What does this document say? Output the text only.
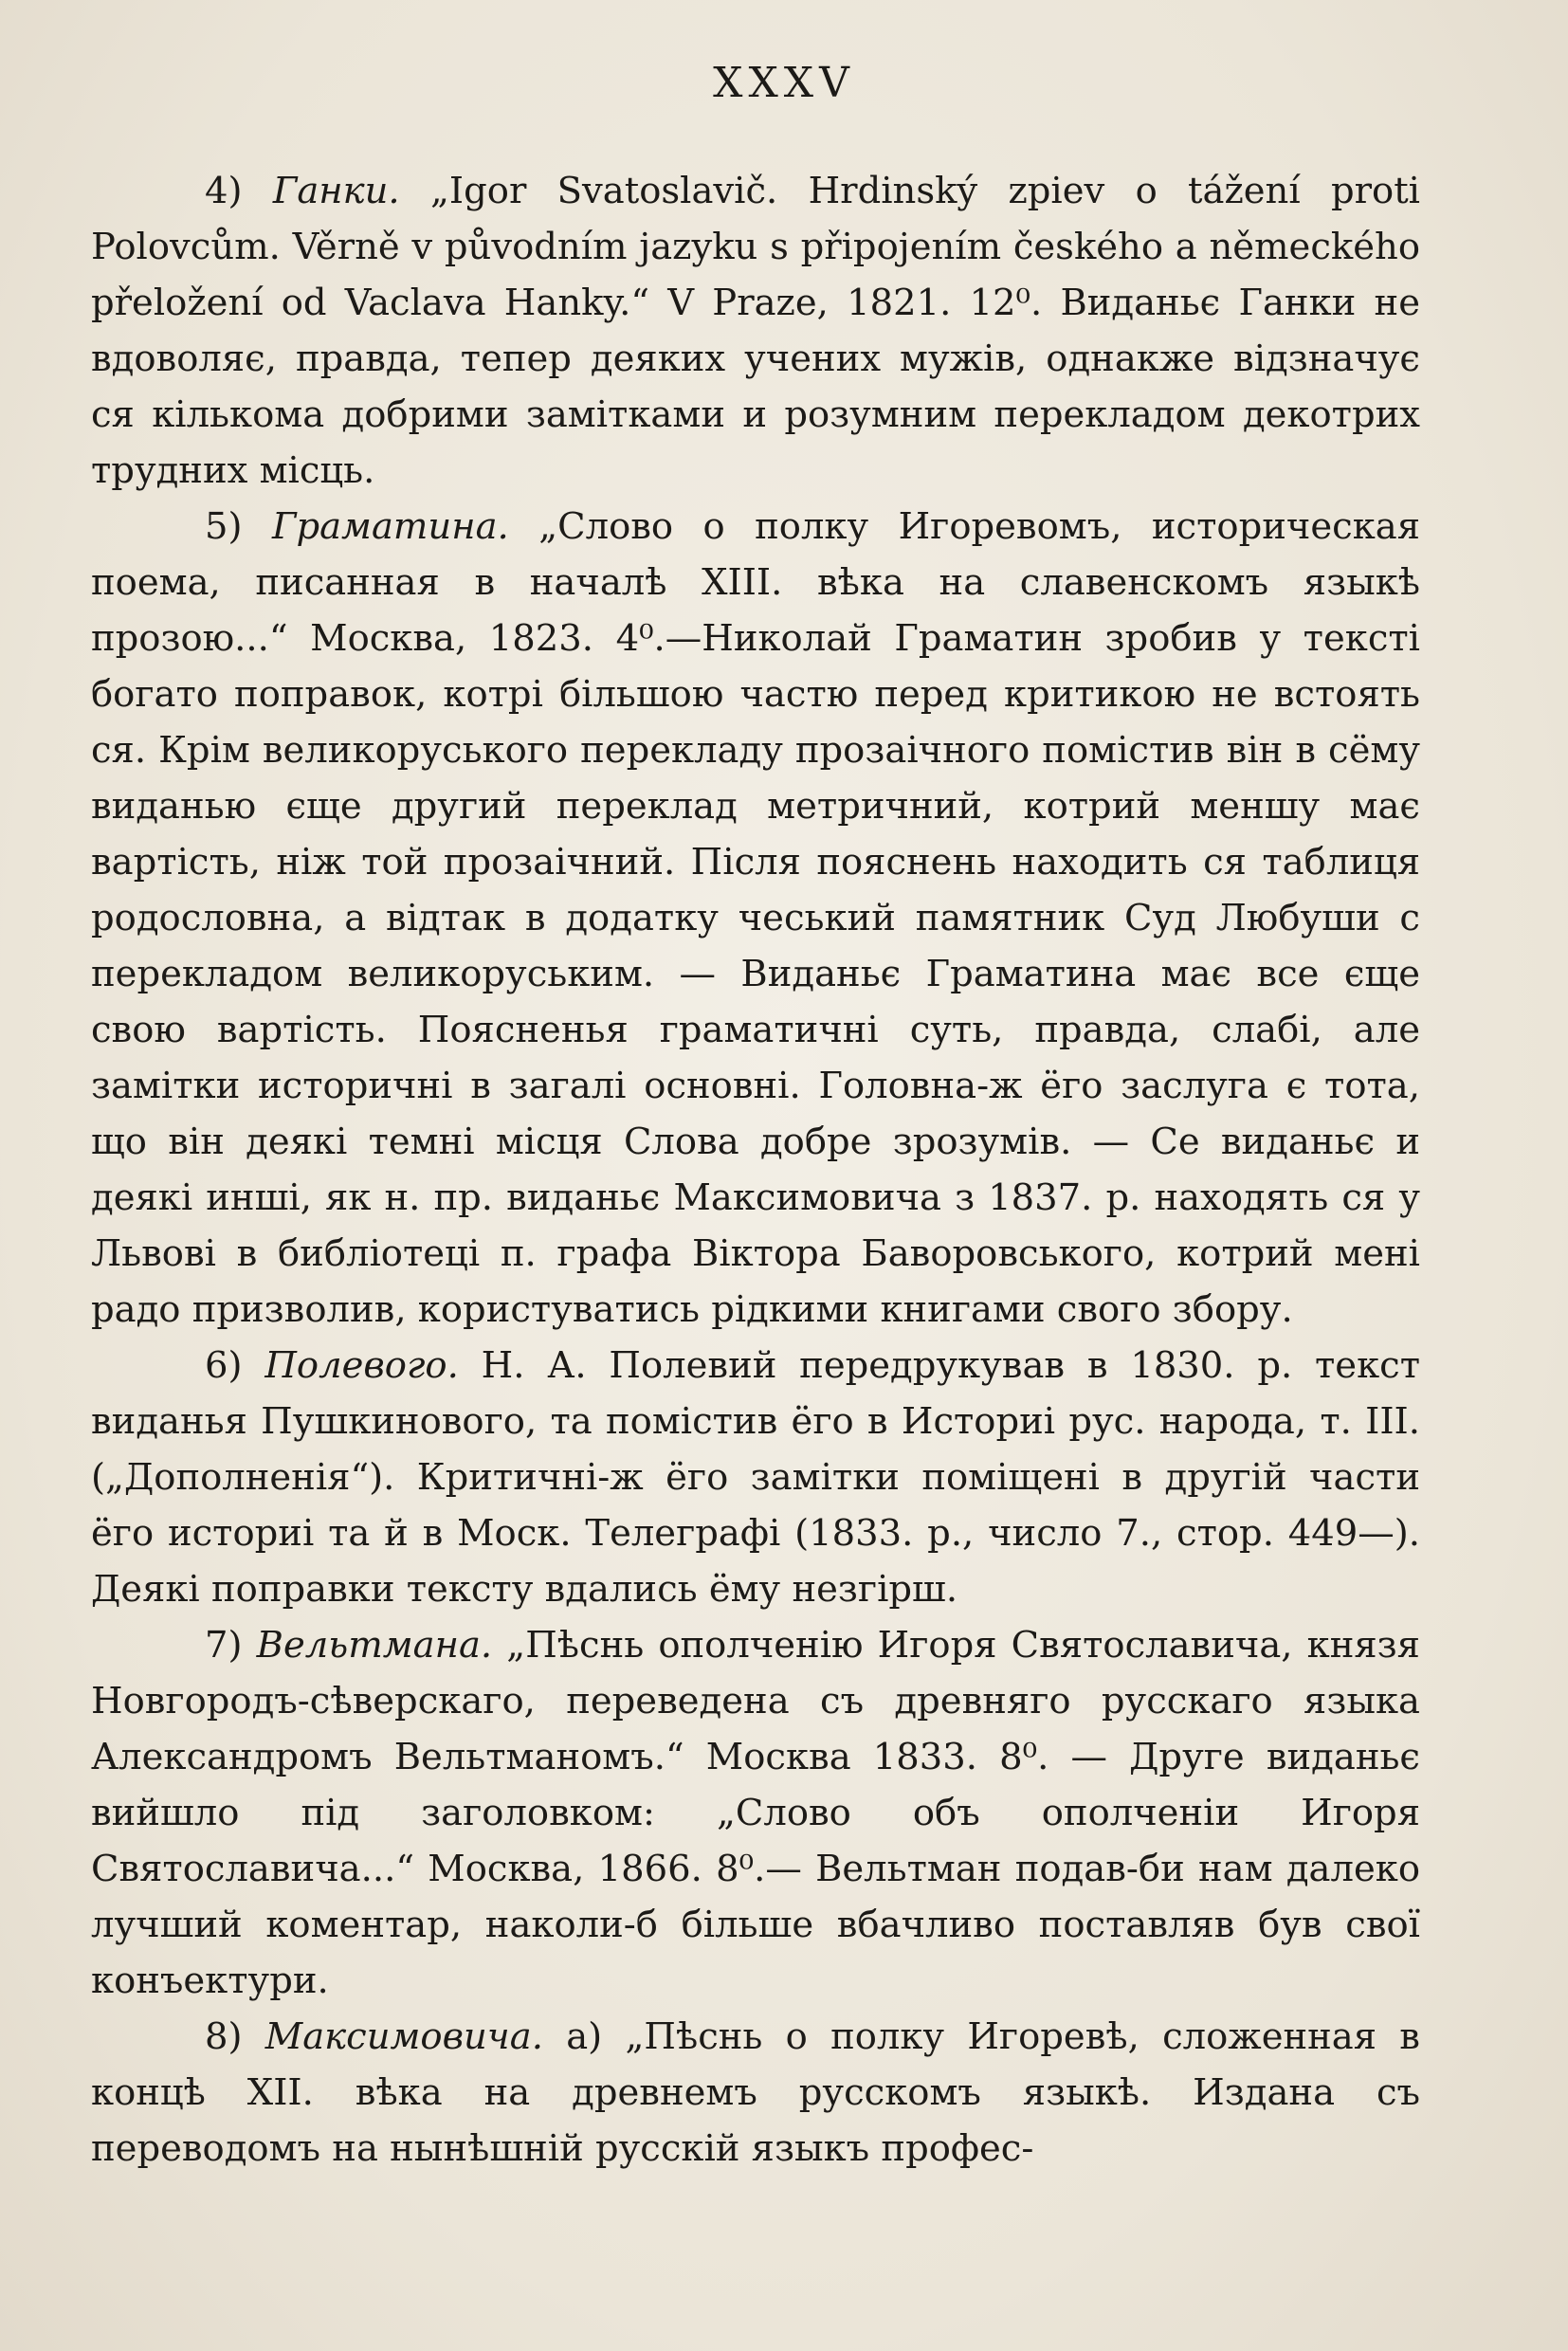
XXXV

4) Ганки. „Igor Svatoslavič. Hrdinský zpiev o tážení proti Polovcům. Věrně v původním jazyku s připojením českého a německého přeložení od Vaclava Hanky.“ V Praze, 1821. 12⁰. Виданьє Ганки не вдоволяє, правда, тепер деяких учених мужів, однакже відзначує ся кількома добрими замітками и розумним перекладом декотрих трудних місць.

5) Граматина. „Слово о полку Игоревомъ, историческая поема, писанная в началѣ XIII. вѣка на славенскомъ языкѣ прозою...“ Москва, 1823. 4⁰.—Николай Граматин зробив у тексті богато поправок, котрі більшою частю перед критикою не встоять ся. Крім великоруського перекладу прозаічного помістив він в сёму виданью єще другий переклад метричний, котрий меншу має вартість, ніж той прозаічний. Після пояснень находить ся таблиця родословна, а відтак в додатку чеський памятник Суд Любуши с перекладом великоруським. — Виданьє Граматина має все єще свою вартість. Поясненья граматичні суть, правда, слабі, але замітки историчні в загалі основні. Головна-ж ёго заслуга є тота, що він деякі темні місця Слова добре зрозумів. — Се виданьє и деякі инші, як н. пр. виданьє Максимовича з 1837. р. находять ся у Львові в библіотеці п. графа Віктора Баворовського, котрий мені радо призволив, користуватись рідкими книгами свого збору.

6) Полевого. Н. А. Полевий передрукував в 1830. р. текст виданья Пушкинового, та помістив ёго в Историі рус. народа, т. III. („Дополненія“). Критичні-ж ёго замітки поміщені в другій части ёго историі та й в Моск. Телеграфі (1833. р., число 7., стор. 449—). Деякі поправки тексту вдались ёму незгірш.

7) Вельтмана. „Пѣснь ополченію Игоря Святославича, князя Новгородъ-сѣверскаго, переведена съ древняго русскаго языка Александромъ Вельтманомъ.“ Москва 1833. 8⁰. — Друге виданьє вийшло під заголовком: „Слово объ ополченіи Игоря Святославича...“ Москва, 1866. 8⁰.— Вельтман подав-би нам далеко лучший коментар, наколи-б більше вбачливо поставляв був свої конъектури.

8) Максимовича. а) „Пѣснь о полку Игоревѣ, сложенная в концѣ XII. вѣка на древнемъ русскомъ языкѣ. Издана съ переводомъ на нынѣшній русскій языкъ профес-
